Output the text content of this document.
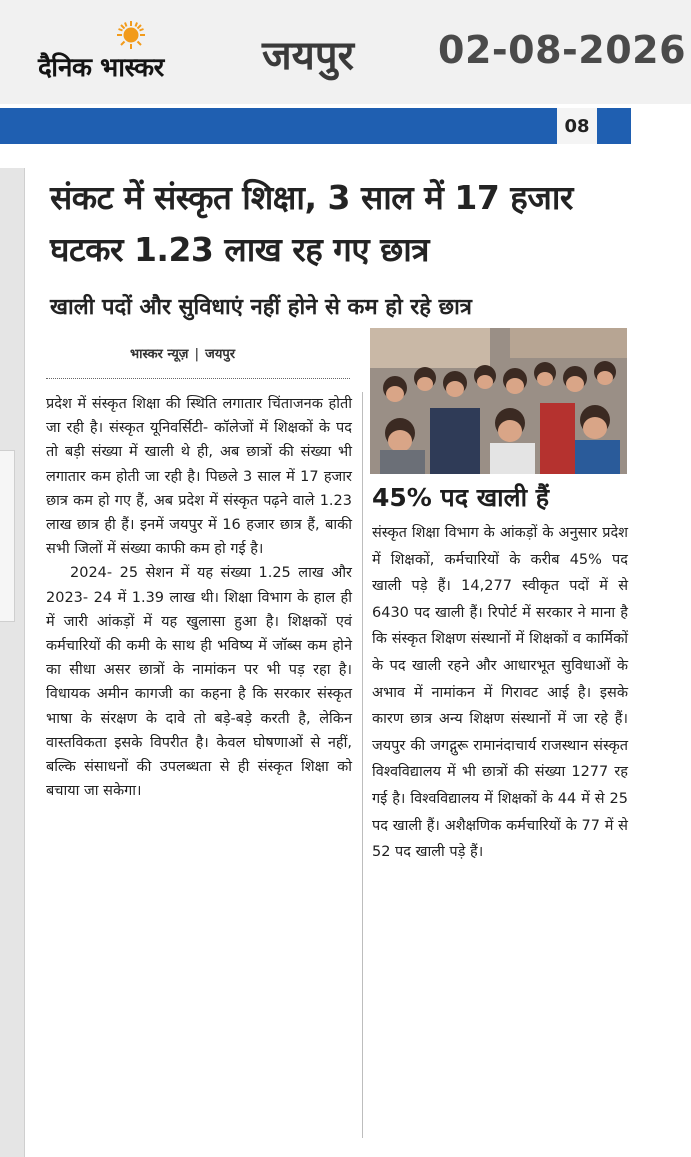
दैनिक भास्कर जयपुर 02-08-2026
08
संकट में संस्कृत शिक्षा, 3 साल में 17 हजार घटकर 1.23 लाख रह गए छात्र
खाली पदों और सुविधाएं नहीं होने से कम हो रहे छात्र
भास्कर न्यूज़ | जयपुर

प्रदेश में संस्कृत शिक्षा की स्थिति लगातार चिंताजनक होती जा रही है। संस्कृत यूनिवर्सिटी- कॉलेजों में शिक्षकों के पद तो बड़ी संख्या में खाली थे ही, अब छात्रों की संख्या भी लगातार कम होती जा रही है। पिछले 3 साल में 17 हजार छात्र कम हो गए हैं, अब प्रदेश में संस्कृत पढ़ने वाले 1.23 लाख छात्र ही हैं। इनमें जयपुर में 16 हजार छात्र हैं, बाकी सभी जिलों में संख्या काफी कम हो गई है।

2024- 25 सेशन में यह संख्या 1.25 लाख और 2023- 24 में 1.39 लाख थी। शिक्षा विभाग के हाल ही में जारी आंकड़ों में यह खुलासा हुआ है। शिक्षकों एवं कर्मचारियों की कमी के साथ ही भविष्य में जॉब्स कम होने का सीधा असर छात्रों के नामांकन पर भी पड़ रहा है। विधायक अमीन कागजी का कहना है कि सरकार संस्कृत भाषा के संरक्षण के दावे तो बड़े-बड़े करती है, लेकिन वास्तविकता इसके विपरीत है। केवल घोषणाओं से नहीं, बल्कि संसाधनों की उपलब्धता से ही संस्कृत शिक्षा को बचाया जा सकेगा।

45% पद खाली हैं

संस्कृत शिक्षा विभाग के आंकड़ों के अनुसार प्रदेश में शिक्षकों, कर्मचारियों के करीब 45% पद खाली पड़े हैं। 14,277 स्वीकृत पदों में से 6430 पद खाली हैं। रिपोर्ट में सरकार ने माना है कि संस्कृत शिक्षण संस्थानों में शिक्षकों व कार्मिकों के पद खाली रहने और आधारभूत सुविधाओं के अभाव में नामांकन में गिरावट आई है। इसके कारण छात्र अन्य शिक्षण संस्थानों में जा रहे हैं। जयपुर की जगद्गुरू रामानंदाचार्य राजस्थान संस्कृत विश्वविद्यालय में भी छात्रों की संख्या 1277 रह गई है। विश्वविद्यालय में शिक्षकों के 44 में से 25 पद खाली हैं। अशैक्षणिक कर्मचारियों के 77 में से 52 पद खाली पड़े हैं।
